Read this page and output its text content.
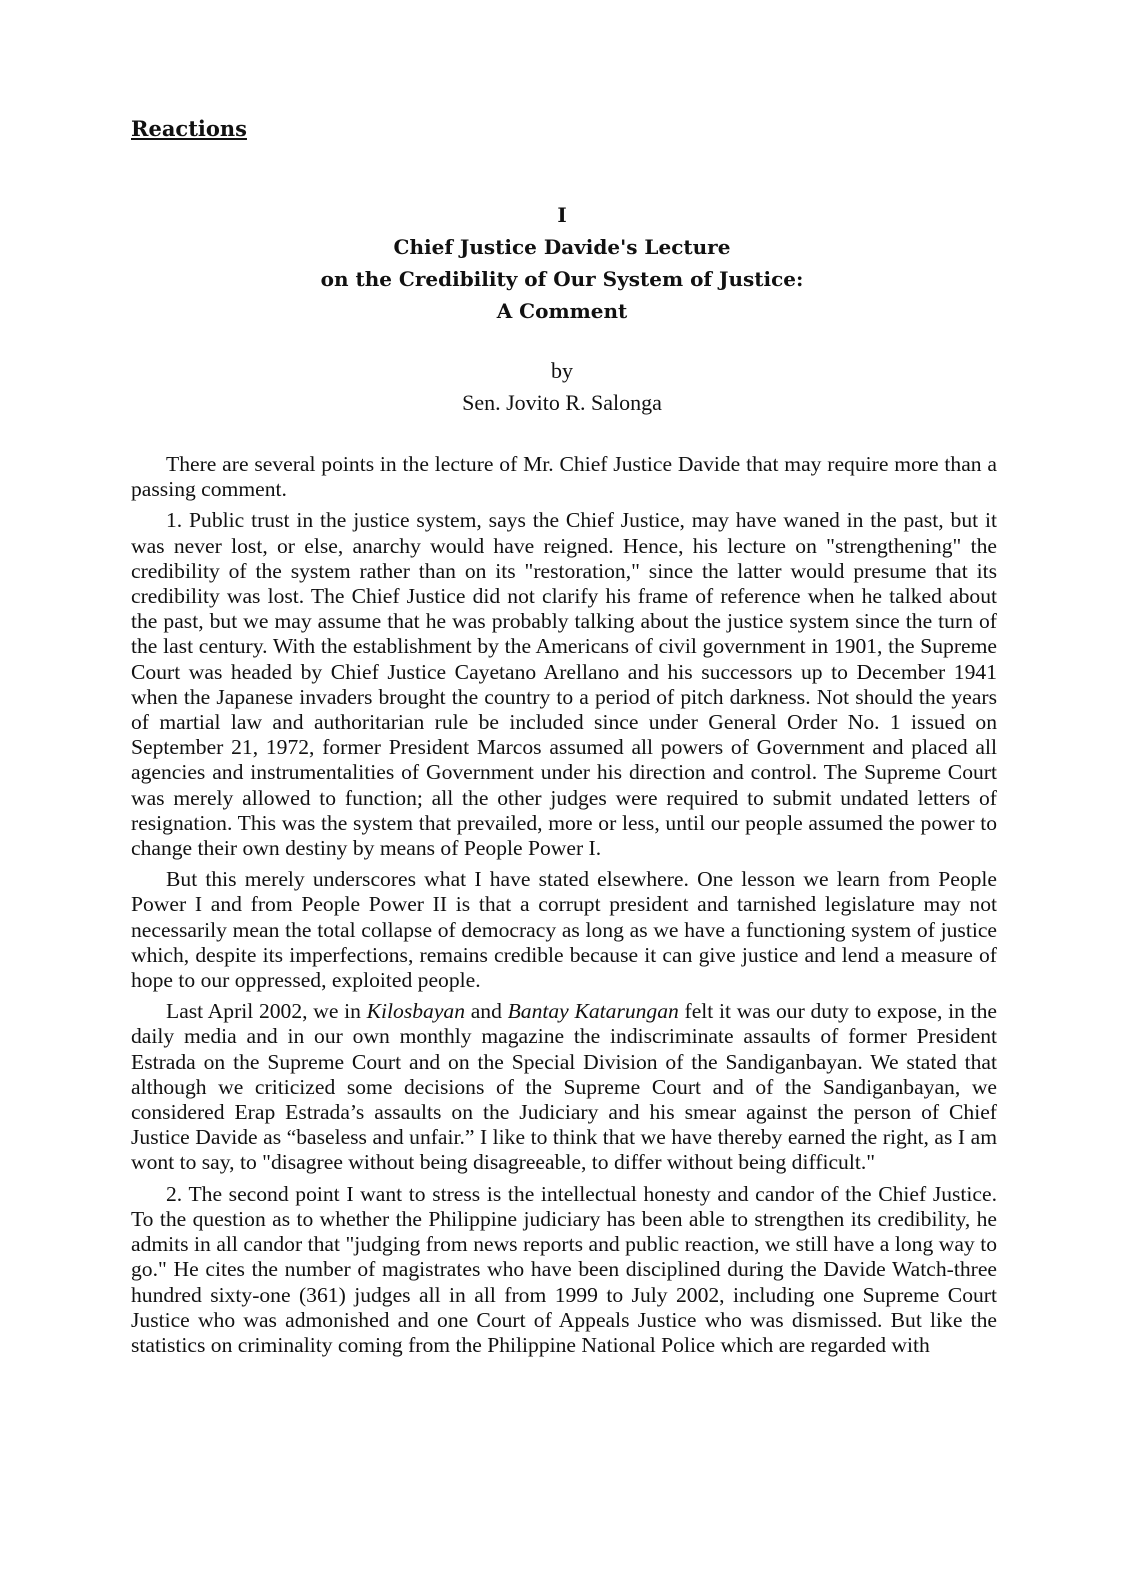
Reactions
I
Chief Justice Davide's Lecture
on the Credibility of Our System of Justice:
A Comment
by
Sen. Jovito R. Salonga

There are several points in the lecture of Mr. Chief Justice Davide that may require more than a passing comment.

1. Public trust in the justice system, says the Chief Justice, may have waned in the past, but it was never lost, or else, anarchy would have reigned. Hence, his lecture on "strengthening" the credibility of the system rather than on its "restoration," since the latter would presume that its credibility was lost. The Chief Justice did not clarify his frame of reference when he talked about the past, but we may assume that he was probably talking about the justice system since the turn of the last century. With the establishment by the Americans of civil government in 1901, the Supreme Court was headed by Chief Justice Cayetano Arellano and his successors up to December 1941 when the Japanese invaders brought the country to a period of pitch darkness. Not should the years of martial law and authoritarian rule be included since under General Order No. 1 issued on September 21, 1972, former President Marcos assumed all powers of Government and placed all agencies and instrumentalities of Government under his direction and control. The Supreme Court was merely allowed to function; all the other judges were required to submit undated letters of resignation. This was the system that prevailed, more or less, until our people assumed the power to change their own destiny by means of People Power I.

But this merely underscores what I have stated elsewhere. One lesson we learn from People Power I and from People Power II is that a corrupt president and tarnished legislature may not necessarily mean the total collapse of democracy as long as we have a functioning system of justice which, despite its imperfections, remains credible because it can give justice and lend a measure of hope to our oppressed, exploited people.

Last April 2002, we in Kilosbayan and Bantay Katarungan felt it was our duty to expose, in the daily media and in our own monthly magazine the indiscriminate assaults of former President Estrada on the Supreme Court and on the Special Division of the Sandiganbayan. We stated that although we criticized some decisions of the Supreme Court and of the Sandiganbayan, we considered Erap Estrada’s assaults on the Judiciary and his smear against the person of Chief Justice Davide as “baseless and unfair.” I like to think that we have thereby earned the right, as I am wont to say, to "disagree without being disagreeable, to differ without being difficult."

2. The second point I want to stress is the intellectual honesty and candor of the Chief Justice. To the question as to whether the Philippine judiciary has been able to strengthen its credibility, he admits in all candor that "judging from news reports and public reaction, we still have a long way to go." He cites the number of magistrates who have been disciplined during the Davide Watch-three hundred sixty-one (361) judges all in all from 1999 to July 2002, including one Supreme Court Justice who was admonished and one Court of Appeals Justice who was dismissed. But like the statistics on criminality coming from the Philippine National Police which are regarded with
